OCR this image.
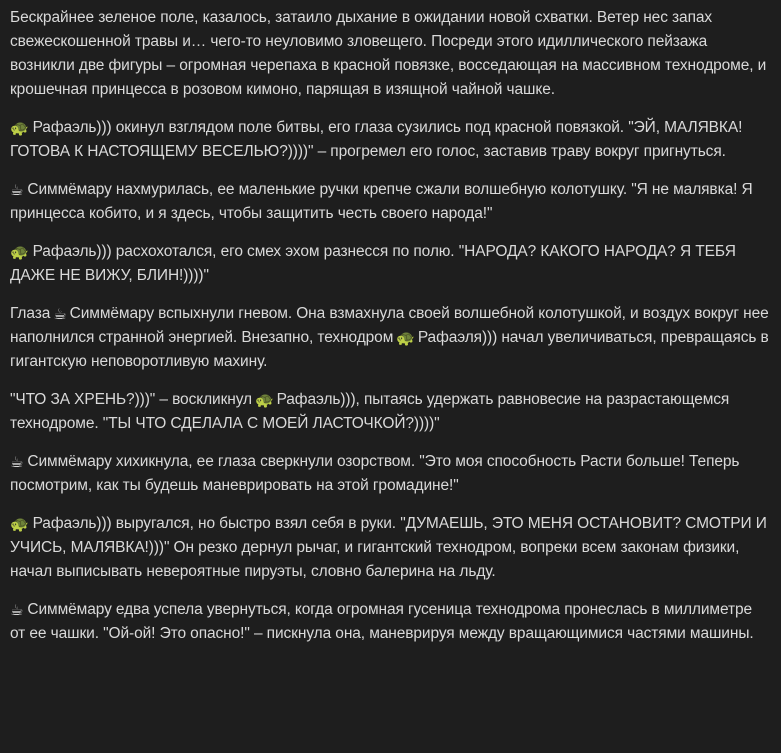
Бескрайнее зеленое поле, казалось, затаило дыхание в ожидании новой схватки. Ветер нес запах свежескошенной травы и… чего-то неуловимо зловещего. Посреди этого идиллического пейзажа возникли две фигуры – огромная черепаха в красной повязке, восседающая на массивном технодроме, и крошечная принцесса в розовом кимоно, парящая в изящной чайной чашке.

🐢 Рафаэль))) окинул взглядом поле битвы, его глаза сузились под красной повязкой. "ЭЙ, МАЛЯВКА! ГОТОВА К НАСТОЯЩЕМУ ВЕСЕЛЬЮ?))))" – прогремел его голос, заставив траву вокруг пригнуться.

☕ Симмёмару нахмурилась, ее маленькие ручки крепче сжали волшебную колотушку. "Я не малявка! Я принцесса кобито, и я здесь, чтобы защитить честь своего народа!"

🐢 Рафаэль))) расхохотался, его смех эхом разнесся по полю. "НАРОДА? КАКОГО НАРОДА? Я ТЕБЯ ДАЖЕ НЕ ВИЖУ, БЛИН!))))"

Глаза ☕ Симмёмару вспыхнули гневом. Она взмахнула своей волшебной колотушкой, и воздух вокруг нее наполнился странной энергией. Внезапно, технодром 🐢 Рафаэля))) начал увеличиваться, превращаясь в гигантскую неповоротливую махину.

"ЧТО ЗА ХРЕНЬ?)))" – воскликнул 🐢 Рафаэль))), пытаясь удержать равновесие на разрастающемся технодроме. "ТЫ ЧТО СДЕЛАЛА С МОЕЙ ЛАСТОЧКОЙ?))))"

☕ Симмёмару хихикнула, ее глаза сверкнули озорством. "Это моя способность Расти больше! Теперь посмотрим, как ты будешь маневрировать на этой громадине!"

🐢 Рафаэль))) выругался, но быстро взял себя в руки. "ДУМАЕШЬ, ЭТО МЕНЯ ОСТАНОВИТ? СМОТРИ И УЧИСЬ, МАЛЯВКА!)))" Он резко дернул рычаг, и гигантский технодром, вопреки всем законам физики, начал выписывать невероятные пируэты, словно балерина на льду.

☕ Симмёмару едва успела увернуться, когда огромная гусеница технодрома пронеслась в миллиметре от ее чашки. "Ой-ой! Это опасно!" – пискнула она, маневрируя между вращающимися частями машины.
